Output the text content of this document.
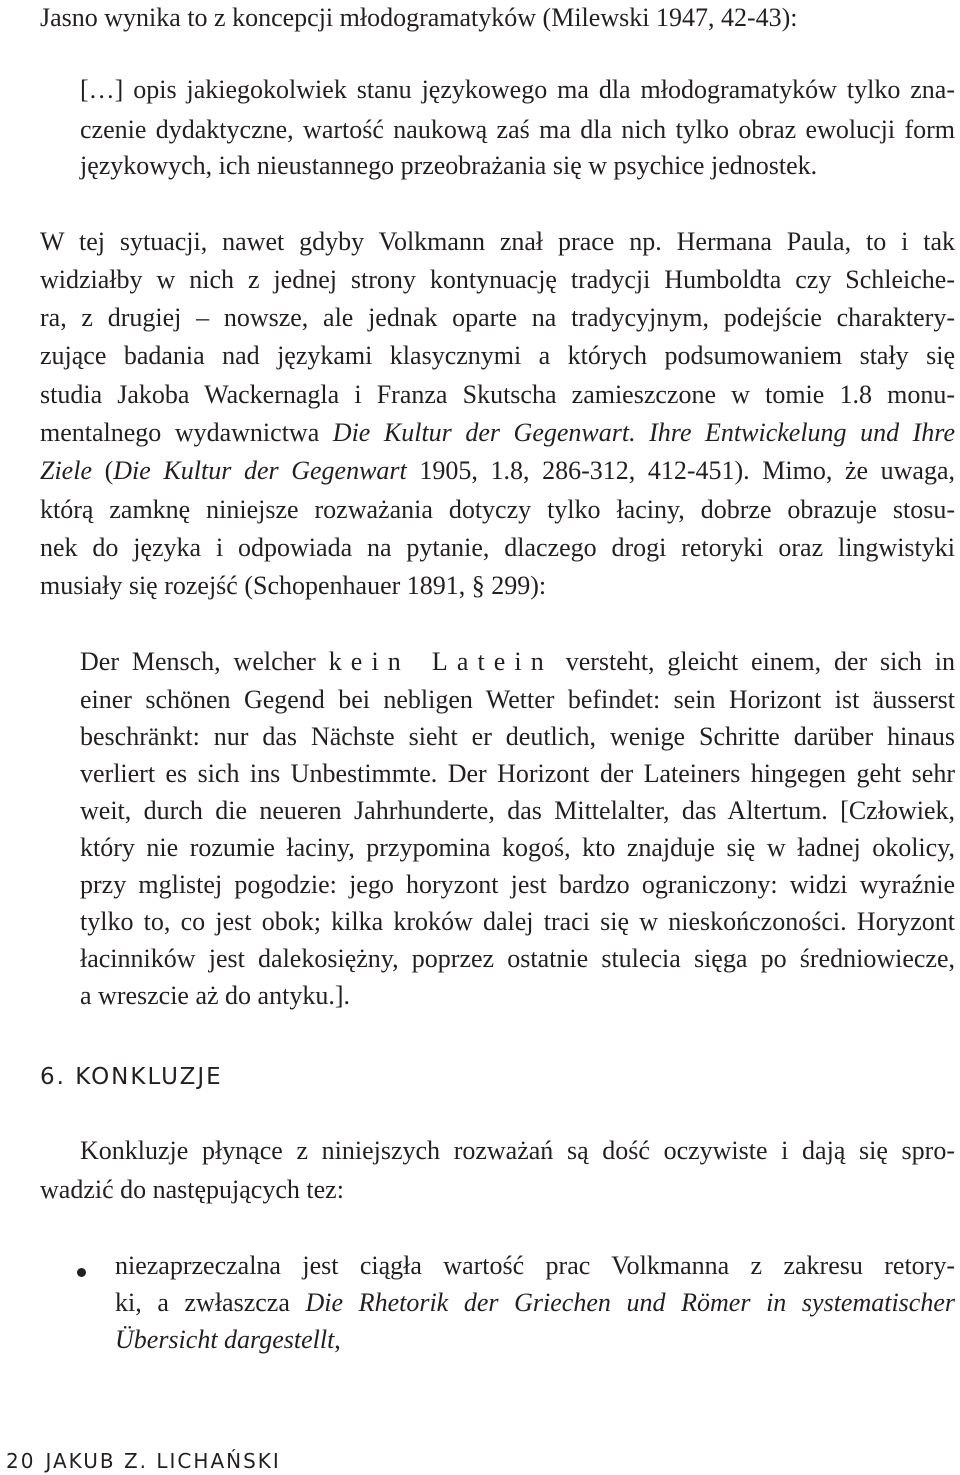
Jasno wynika to z koncepcji młodogramatyków (Milewski 1947, 42-43):
[…] opis jakiegokolwiek stanu językowego ma dla młodogramatyków tylko zna-
czenie dydaktyczne, wartość naukową zaś ma dla nich tylko obraz ewolucji form
językowych, ich nieustannego przeobrażania się w psychice jednostek.
W tej sytuacji, nawet gdyby Volkmann znał prace np. Hermana Paula, to i tak
widziałby w nich z jednej strony kontynuację tradycji Humboldta czy Schleiche-
ra, z drugiej – nowsze, ale jednak oparte na tradycyjnym, podejście charaktery-
zujące badania nad językami klasycznymi a których podsumowaniem stały się
studia Jakoba Wackernagla i Franza Skutscha zamieszczone w tomie 1.8 monu-
mentalnego wydawnictwa Die Kultur der Gegenwart. Ihre Entwickelung und Ihre
Ziele (Die Kultur der Gegenwart 1905, 1.8, 286-312, 412-451). Mimo, że uwaga,
którą zamknę niniejsze rozważania dotyczy tylko łaciny, dobrze obrazuje stosu-
nek do języka i odpowiada na pytanie, dlaczego drogi retoryki oraz lingwistyki
musiały się rozejść (Schopenhauer 1891, § 299):
Der Mensch, welcher kein Latein versteht, gleicht einem, der sich in
einer schönen Gegend bei nebligen Wetter befindet: sein Horizont ist äusserst
beschränkt: nur das Nächste sieht er deutlich, wenige Schritte darüber hinaus
verliert es sich ins Unbestimmte. Der Horizont der Lateiners hingegen geht sehr
weit, durch die neueren Jahrhunderte, das Mittelalter, das Altertum. [Człowiek,
który nie rozumie łaciny, przypomina kogoś, kto znajduje się w ładnej okolicy,
przy mglistej pogodzie: jego horyzont jest bardzo ograniczony: widzi wyraźnie
tylko to, co jest obok; kilka kroków dalej traci się w nieskończoności. Horyzont
łacinników jest dalekosiężny, poprzez ostatnie stulecia sięga po średniowiecze,
a wreszcie aż do antyku.].
6. KONKLUZJE
Konkluzje płynące z niniejszych rozważań są dość oczywiste i dają się spro-
wadzić do następujących tez:
niezaprzeczalna jest ciągła wartość prac Volkmanna z zakresu retory-
ki, a zwłaszcza Die Rhetorik der Griechen und Römer in systematischer
Übersicht dargestellt,
20 JAKUB Z. LICHAŃSKI
